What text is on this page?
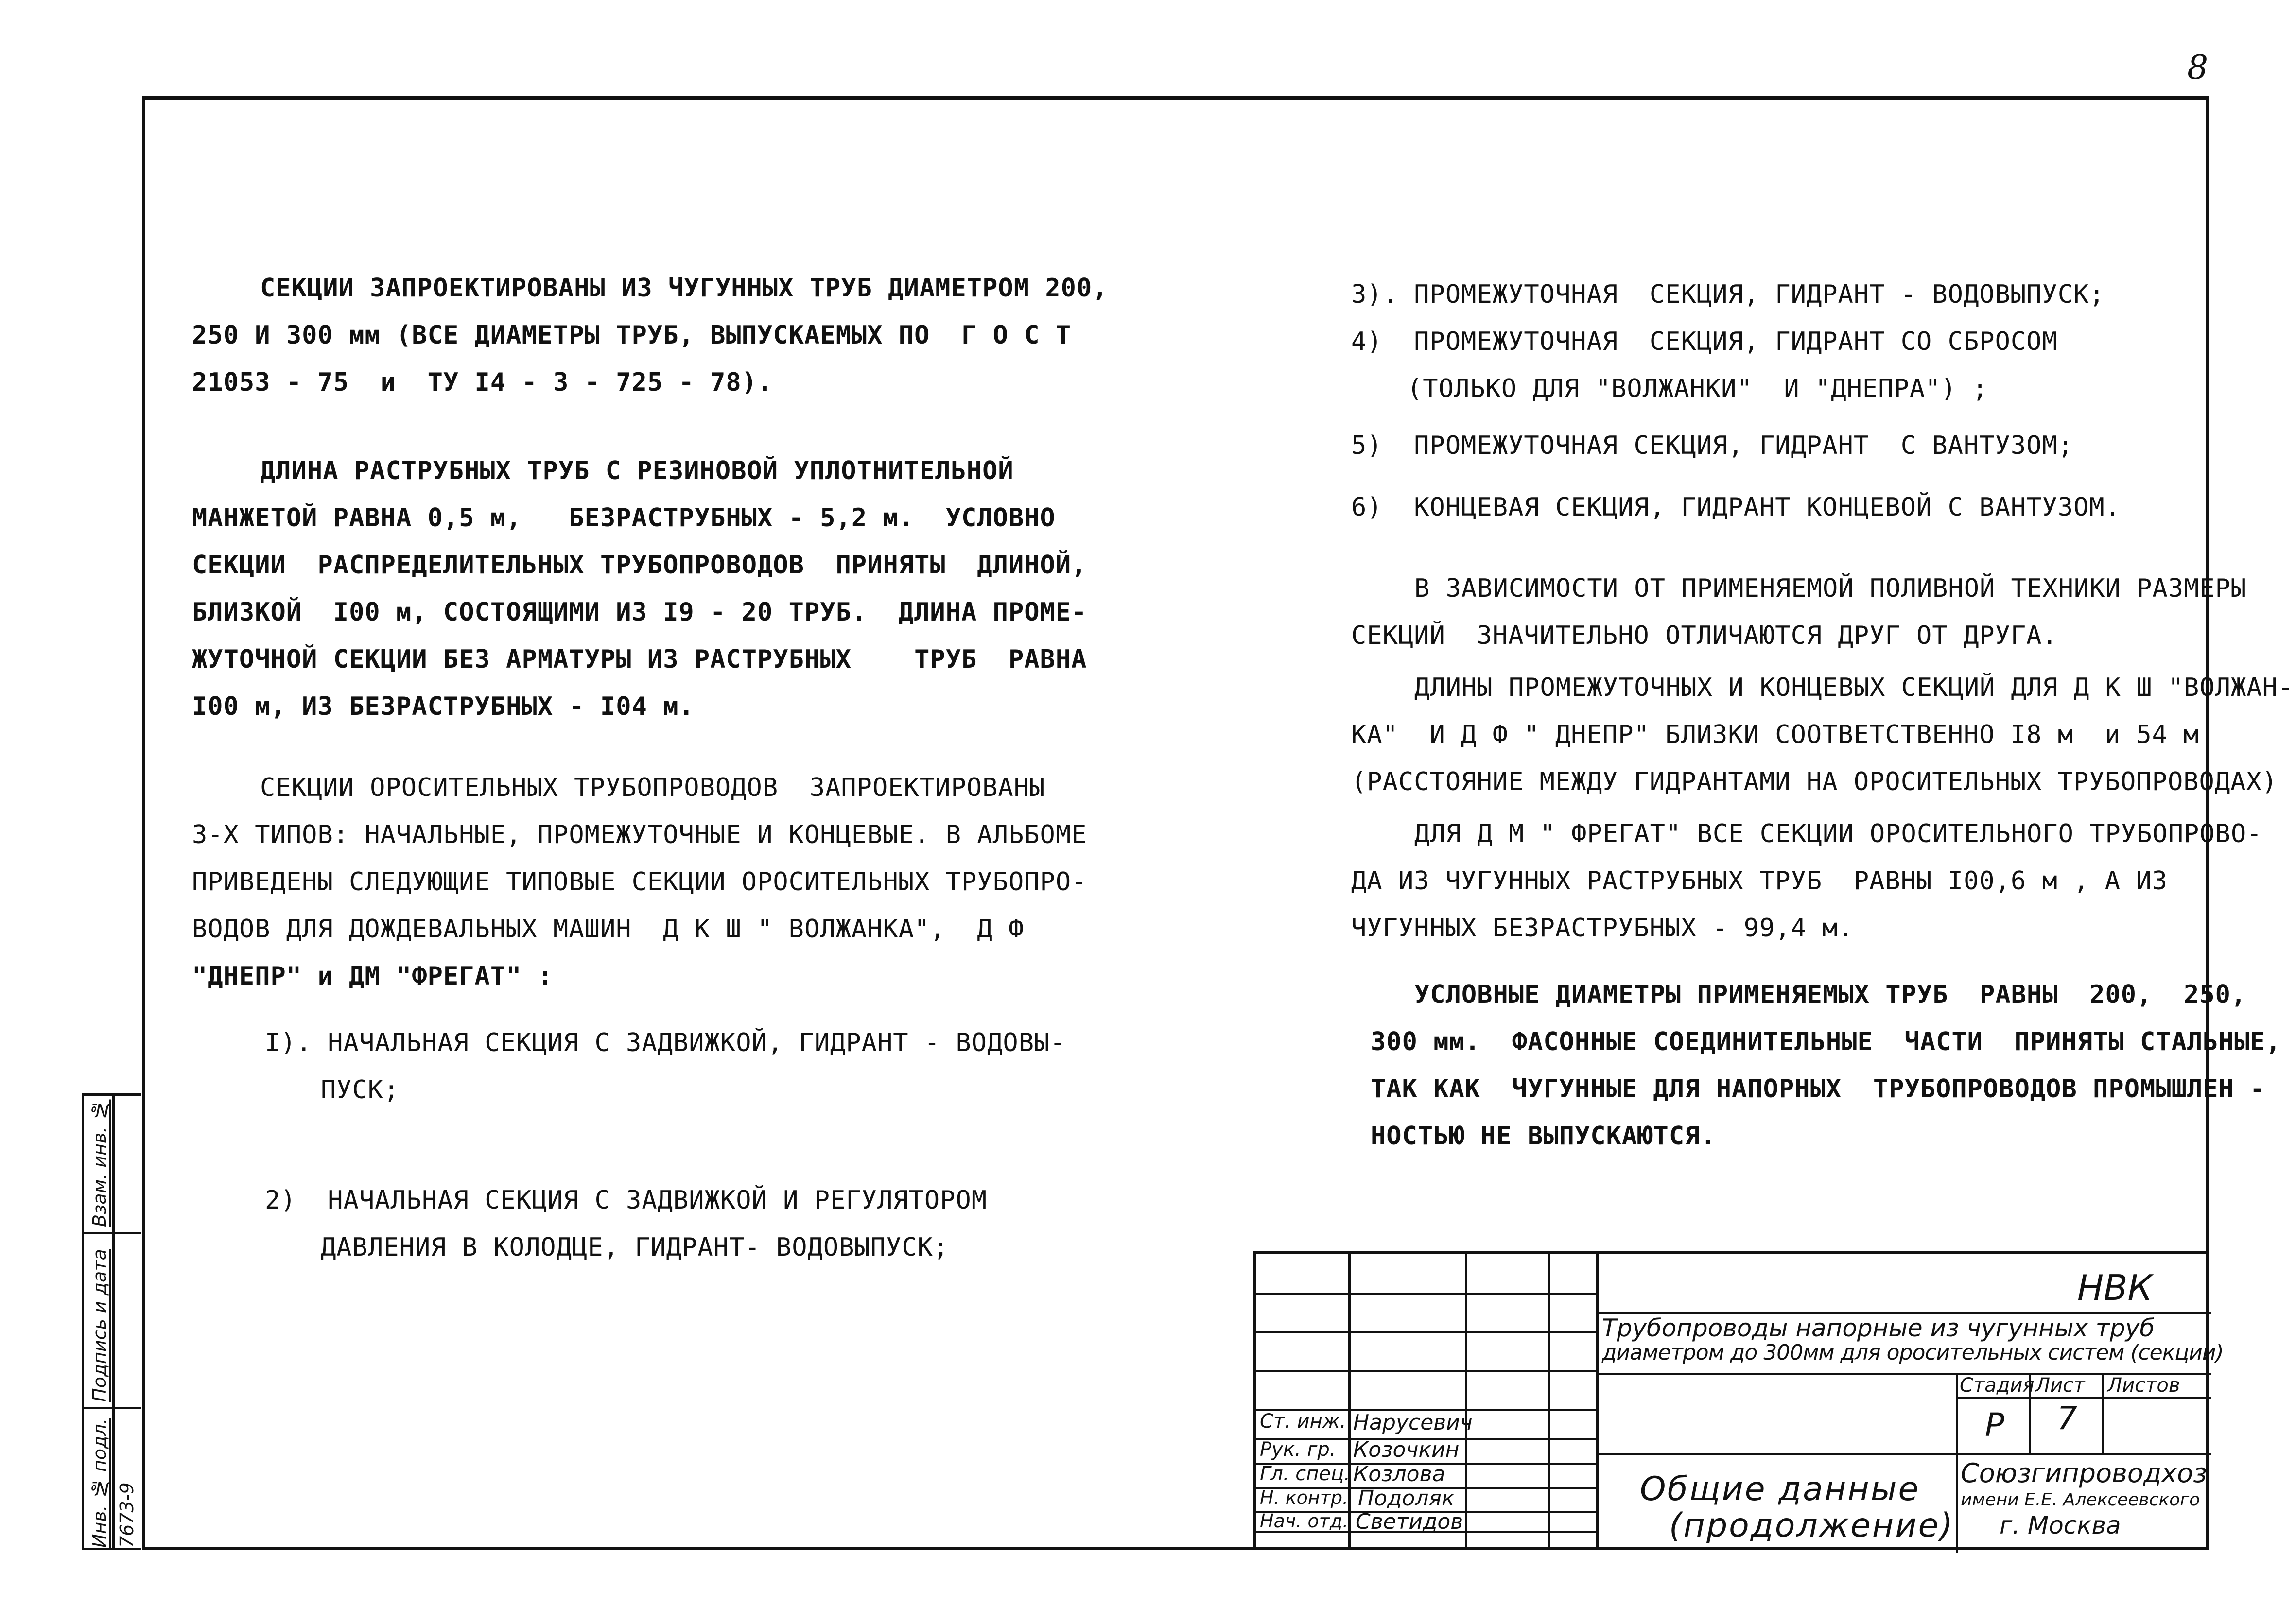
8
СЕКЦИИ ЗАПРОЕКТИРОВАНЫ ИЗ ЧУГУННЫХ ТРУБ ДИАМЕТРОМ 200,
250 И 300 мм (ВСЕ ДИАМЕТРЫ ТРУБ, ВЫПУСКАЕМЫХ ПО  Г О С Т
21053 - 75  и  ТУ I4 - 3 - 725 - 78).
ДЛИНА РАСТРУБНЫХ ТРУБ С РЕЗИНОВОЙ УПЛОТНИТЕЛЬНОЙ
МАНЖЕТОЙ РАВНА 0,5 м,   БЕЗРАСТРУБНЫХ - 5,2 м.  УСЛОВНО
СЕКЦИИ  РАСПРЕДЕЛИТЕЛЬНЫХ ТРУБОПРОВОДОВ  ПРИНЯТЫ  ДЛИНОЙ,
БЛИЗКОЙ  I00 м, СОСТОЯЩИМИ ИЗ I9 - 20 ТРУБ.  ДЛИНА ПРОМЕ-
ЖУТОЧНОЙ СЕКЦИИ БЕЗ АРМАТУРЫ ИЗ РАСТРУБНЫХ    ТРУБ  РАВНА
I00 м, ИЗ БЕЗРАСТРУБНЫХ - I04 м.
СЕКЦИИ ОРОСИТЕЛЬНЫХ ТРУБОПРОВОДОВ  ЗАПРОЕКТИРОВАНЫ
3-Х ТИПОВ: НАЧАЛЬНЫЕ, ПРОМЕЖУТОЧНЫЕ И КОНЦЕВЫЕ. В АЛЬБОМЕ
ПРИВЕДЕНЫ СЛЕДУЮЩИЕ ТИПОВЫЕ СЕКЦИИ ОРОСИТЕЛЬНЫХ ТРУБОПРО-
ВОДОВ ДЛЯ ДОЖДЕВАЛЬНЫХ МАШИН  Д К Ш " ВОЛЖАНКА",  Д Ф
"ДНЕПР" и ДМ "ФРЕГАТ" :
I). НАЧАЛЬНАЯ СЕКЦИЯ С ЗАДВИЖКОЙ, ГИДРАНТ - ВОДОВЫ-
ПУСК;
2)  НАЧАЛЬНАЯ СЕКЦИЯ С ЗАДВИЖКОЙ И РЕГУЛЯТОРОМ
ДАВЛЕНИЯ В КОЛОДЦЕ, ГИДРАНТ- ВОДОВЫПУСК;
3). ПРОМЕЖУТОЧНАЯ  СЕКЦИЯ, ГИДРАНТ - ВОДОВЫПУСК;
4)  ПРОМЕЖУТОЧНАЯ  СЕКЦИЯ, ГИДРАНТ СО СБРОСОМ
(ТОЛЬКО ДЛЯ "ВОЛЖАНКИ"  И "ДНЕПРА") ;
5)  ПРОМЕЖУТОЧНАЯ СЕКЦИЯ, ГИДРАНТ  С ВАНТУЗОМ;
6)  КОНЦЕВАЯ СЕКЦИЯ, ГИДРАНТ КОНЦЕВОЙ С ВАНТУЗОМ.
В ЗАВИСИМОСТИ ОТ ПРИМЕНЯЕМОЙ ПОЛИВНОЙ ТЕХНИКИ РАЗМЕРЫ
СЕКЦИЙ  ЗНАЧИТЕЛЬНО ОТЛИЧАЮТСЯ ДРУГ ОТ ДРУГА.
ДЛИНЫ ПРОМЕЖУТОЧНЫХ И КОНЦЕВЫХ СЕКЦИЙ ДЛЯ Д К Ш "ВОЛЖАН-
КА"  И Д Ф " ДНЕПР" БЛИЗКИ СООТВЕТСТВЕННО I8 м  и 54 м
(РАССТОЯНИЕ МЕЖДУ ГИДРАНТАМИ НА ОРОСИТЕЛЬНЫХ ТРУБОПРОВОДАХ)
ДЛЯ Д М " ФРЕГАТ" ВСЕ СЕКЦИИ ОРОСИТЕЛЬНОГО ТРУБОПРОВО-
ДА ИЗ ЧУГУННЫХ РАСТРУБНЫХ ТРУБ  РАВНЫ I00,6 м , А ИЗ
ЧУГУННЫХ БЕЗРАСТРУБНЫХ - 99,4 м.
УСЛОВНЫЕ ДИАМЕТРЫ ПРИМЕНЯЕМЫХ ТРУБ  РАВНЫ  200,  250,
300 мм.  ФАСОННЫЕ СОЕДИНИТЕЛЬНЫЕ  ЧАСТИ  ПРИНЯТЫ СТАЛЬНЫЕ,
ТАК КАК  ЧУГУННЫЕ ДЛЯ НАПОРНЫХ  ТРУБОПРОВОДОВ ПРОМЫШЛЕН -
НОСТЬЮ НЕ ВЫПУСКАЮТСЯ.
Взам. инв. №
Подпись и дата
Инв. № подл. 7673-9
Ст. инж. Нарусевич
Рук. гр. Козочкин
Гл. спец. Козлова
Н. контр. Подоляк
Нач. отд. Светидов
НВК
Трубопроводы напорные из чугунных труб
диаметром до 300мм для оросительных систем (секции)
Стадия Лист Листов
Р 7
Общие данные
(продолжение)
Союзгипроводхоз
имени Е.Е. Алексеевского
г. Москва
